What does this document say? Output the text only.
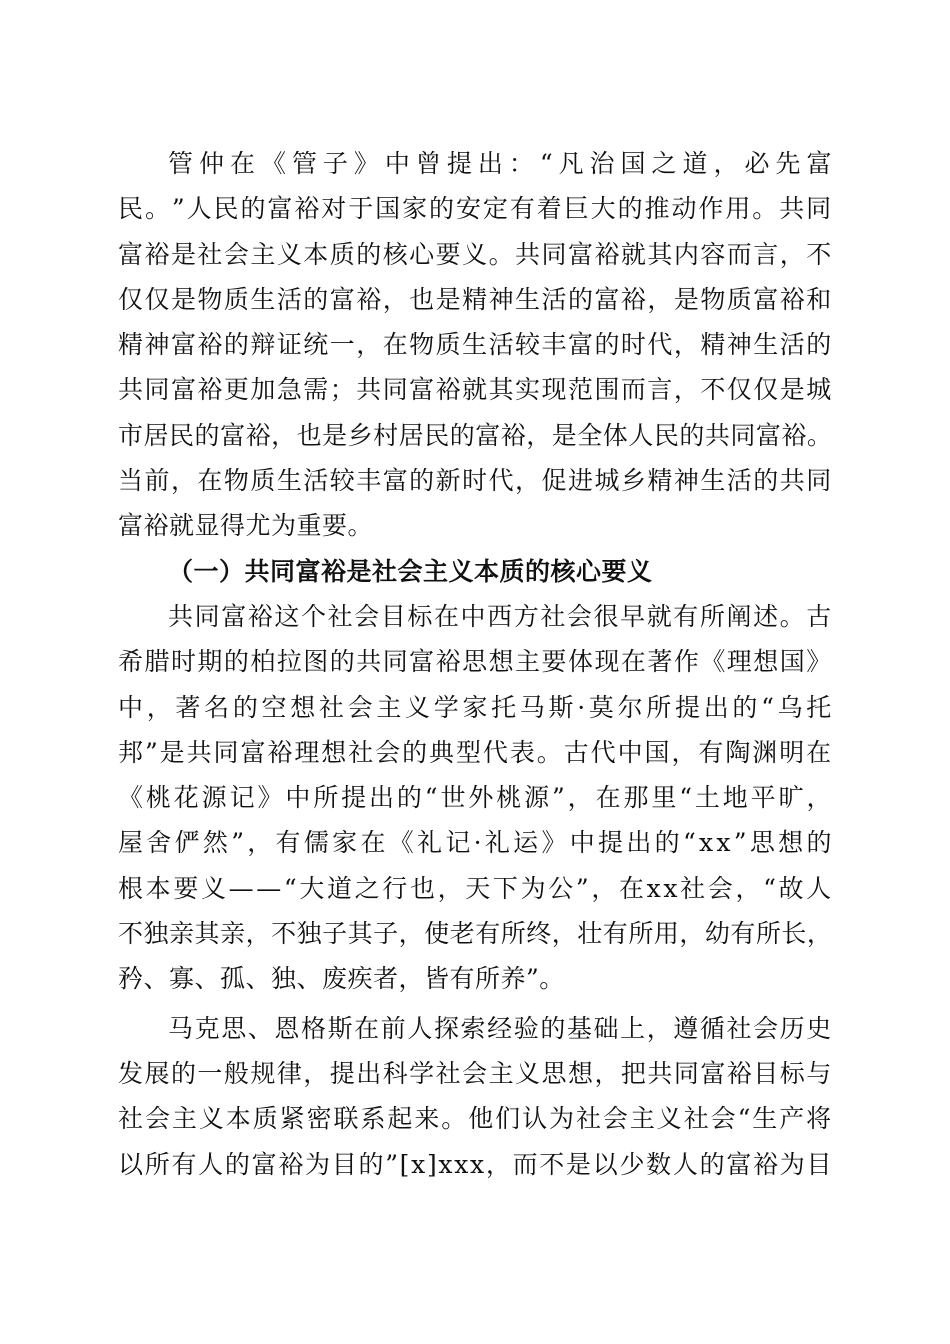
管 仲 在 《 管 子 》 中 曾 提 出 ： “ 凡 治 国 之 道 ， 必 先 富
民 。 ” 人 民 的 富 裕 对 于 国 家 的 安 定 有 着 巨 大 的 推 动 作 用 。 共 同
富 裕 是 社 会 主 义 本 质 的 核 心 要 义 。 共 同 富 裕 就 其 内 容 而 言 ， 不
仅 仅 是 物 质 生 活 的 富 裕 ， 也 是 精 神 生 活 的 富 裕 ， 是 物 质 富 裕 和
精 神 富 裕 的 辩 证 统 一 ， 在 物 质 生 活 较 丰 富 的 时 代 ， 精 神 生 活 的
共 同 富 裕 更 加 急 需 ； 共 同 富 裕 就 其 实 现 范 围 而 言 ， 不 仅 仅 是 城
市 居 民 的 富 裕 ， 也 是 乡 村 居 民 的 富 裕 ， 是 全 体 人 民 的 共 同 富 裕 。
当 前 ， 在 物 质 生 活 较 丰 富 的 新 时 代 ， 促 进 城 乡 精 神 生 活 的 共 同
富裕就显得尤为重要。
（一）共同富裕是社会主义本质的核心要义
共 同 富 裕 这 个 社 会 目 标 在 中 西 方 社 会 很 早 就 有 所 阐 述 。 古
希 腊 时 期 的 柏 拉 图 的 共 同 富 裕 思 想 主 要 体 现 在 著 作 《 理 想 国 》
中 ， 著 名 的 空 想 社 会 主 义 学 家 托 马 斯 · 莫 尔 所 提 出 的 “ 乌 托
邦 ” 是 共 同 富 裕 理 想 社 会 的 典 型 代 表 。 古 代 中 国 ， 有 陶 渊 明 在
《 桃 花 源 记 》 中 所 提 出 的 “ 世 外 桃 源 ” ， 在 那 里 “ 土 地 平 旷 ，
屋 舍 俨 然 ” ， 有 儒 家 在 《 礼 记 · 礼 运 》 中 提 出 的 “ x x ” 思 想 的
根 本 要 义 — — “ 大 道 之 行 也 ， 天 下 为 公 ” ， 在 x x 社 会 ， “ 故 人
不 独 亲 其 亲 ， 不 独 子 其 子 ， 使 老 有 所 终 ， 壮 有 所 用 ， 幼 有 所 长 ，
矜、寡、孤、独、废疾者，皆有所养”。
马 克 思 、 恩 格 斯 在 前 人 探 索 经 验 的 基 础 上 ， 遵 循 社 会 历 史
发 展 的 一 般 规 律 ， 提 出 科 学 社 会 主 义 思 想 ， 把 共 同 富 裕 目 标 与
社 会 主 义 本 质 紧 密 联 系 起 来 。 他 们 认 为 社 会 主 义 社 会 “ 生 产 将
以 所 有 人 的 富 裕 为 目 的 ” [ x ] x x x ， 而 不 是 以 少 数 人 的 富 裕 为 目
